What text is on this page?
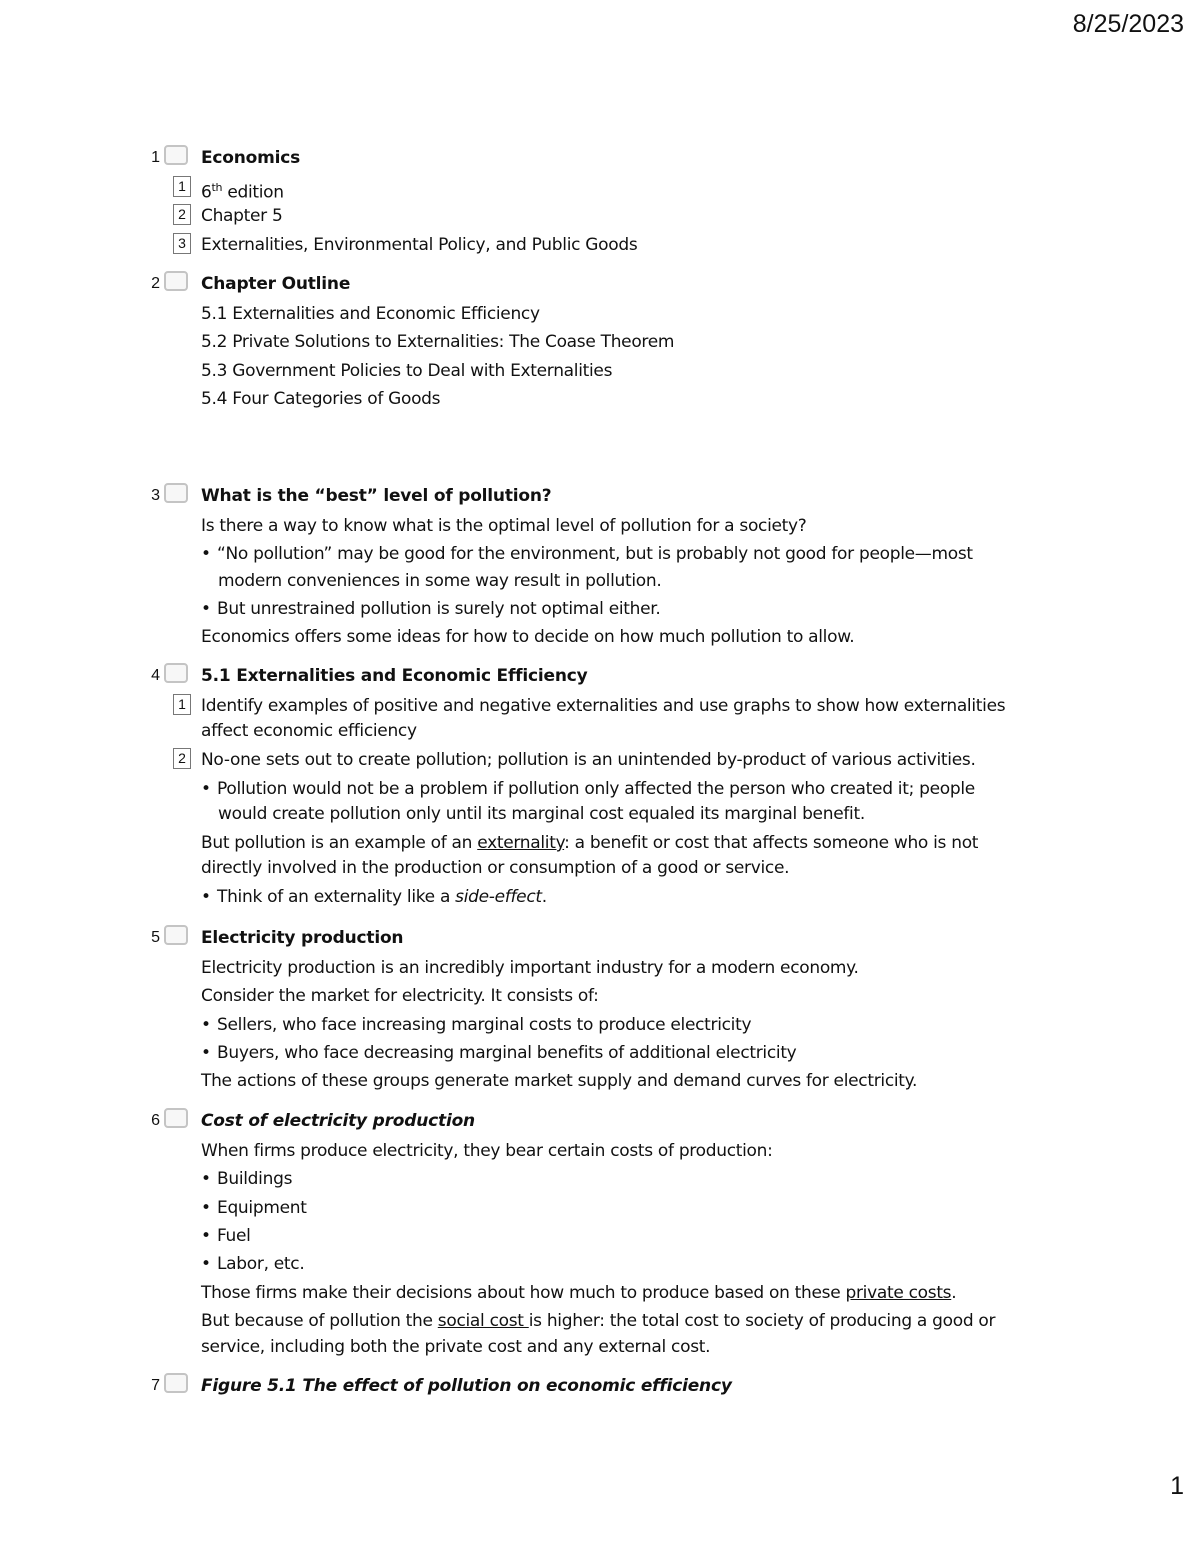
8/25/2023
1 Economics
1 6th edition
2 Chapter 5
3 Externalities, Environmental Policy, and Public Goods
2 Chapter Outline
5.1 Externalities and Economic Efficiency
5.2 Private Solutions to Externalities: The Coase Theorem
5.3 Government Policies to Deal with Externalities
5.4 Four Categories of Goods
3 What is the “best” level of pollution?
Is there a way to know what is the optimal level of pollution for a society?
• “No pollution” may be good for the environment, but is probably not good for people—most
modern conveniences in some way result in pollution.
• But unrestrained pollution is surely not optimal either.
Economics offers some ideas for how to decide on how much pollution to allow.
4 5.1 Externalities and Economic Efficiency
1 Identify examples of positive and negative externalities and use graphs to show how externalities
affect economic efficiency
2 No-one sets out to create pollution; pollution is an unintended by-product of various activities.
• Pollution would not be a problem if pollution only affected the person who created it; people
would create pollution only until its marginal cost equaled its marginal benefit.
But pollution is an example of an externality: a benefit or cost that affects someone who is not
directly involved in the production or consumption of a good or service.
• Think of an externality like a side-effect.
5 Electricity production
Electricity production is an incredibly important industry for a modern economy.
Consider the market for electricity. It consists of:
• Sellers, who face increasing marginal costs to produce electricity
• Buyers, who face decreasing marginal benefits of additional electricity
The actions of these groups generate market supply and demand curves for electricity.
6 Cost of electricity production
When firms produce electricity, they bear certain costs of production:
• Buildings
• Equipment
• Fuel
• Labor, etc.
Those firms make their decisions about how much to produce based on these private costs.
But because of pollution the social cost is higher: the total cost to society of producing a good or
service, including both the private cost and any external cost.
7 Figure 5.1 The effect of pollution on economic efficiency
1
